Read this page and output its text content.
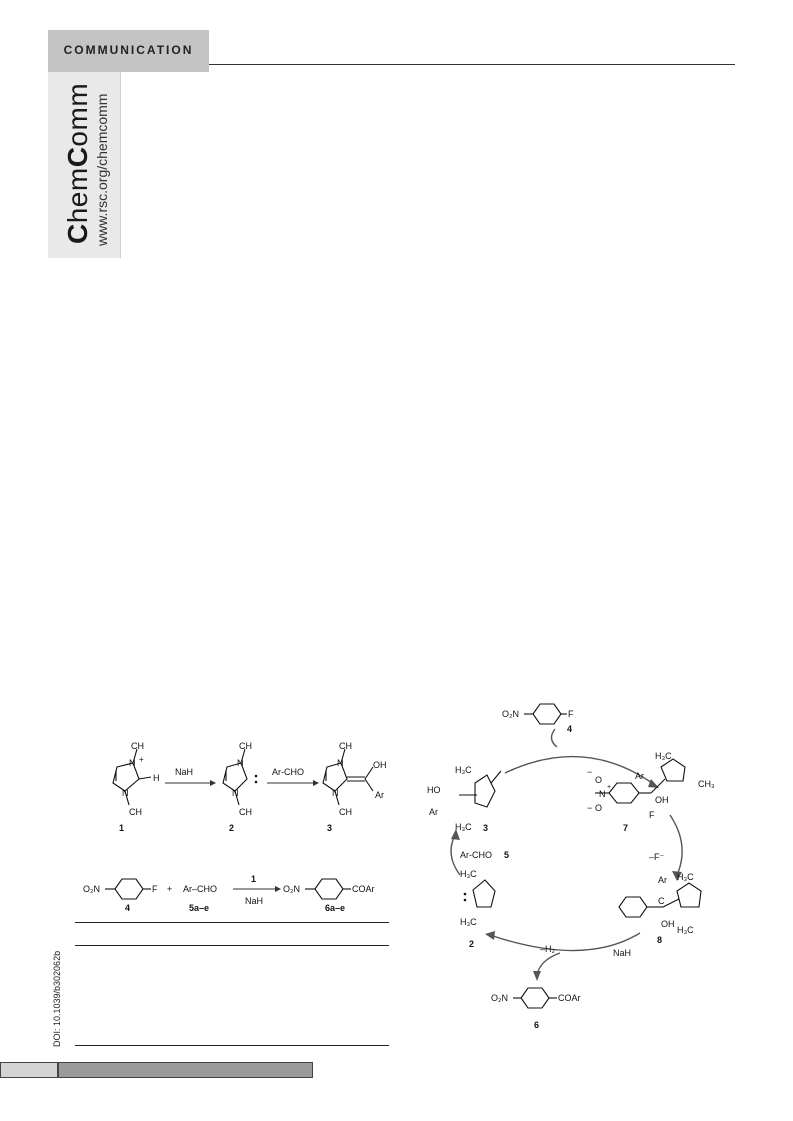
COMMUNICATION
ChemComm www.rsc.org/chemcomm
DOI: 10.1039/b302062b
N +
CH
H
N
CH
1
NaH
N
CH
N
CH
2
Ar-CHO
N
CH
OH
Ar
N
CH
3
O₂N	F
4
+ Ar–CHO
5a–e
1
NaH
O₂N	COAr
6a–e
O₂N	F
4
H₃C
HO
Ar
H₃C 3
H₃C
Ar
OH
F
CH₃
−
O
N
+
− O
7
–F⁻
Ar-CHO 5
H₃C
H₃C
2
C
Ar
OH
H₃C
H₃C
8
–H₂	NaH
O₂N	COAr
6
